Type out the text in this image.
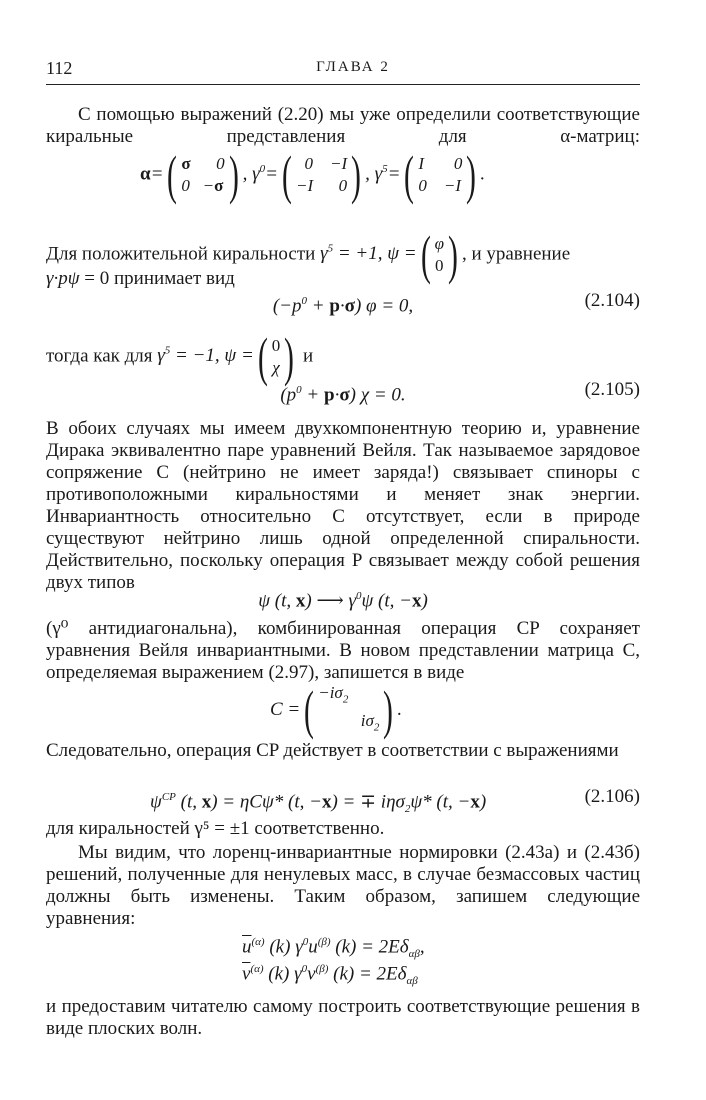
112	ГЛАВА 2

С помощью выражений (2.20) мы уже определили соответствующие киральные представления для α-матриц:

α=( σ      0
0   −σ ) , $\gamma^0=$( 0    −I
−I      0 ) , $\gamma^5=$( I       0
0    −I ) .
Для положительной киральности $\gamma^5 = +1$, ψ =( φ
0 ) , и уравнение
γ·pψ = 0 принимает вид
$(-p^0 + p\cdot\sigma) \varphi = 0$,	(2.104)
тогда как для $\gamma^5 = -1$, ψ =( 0
χ ) и
$(p^0 + p\cdot\sigma) \chi = 0$.	(2.105)

В обоих случаях мы имеем двухкомпонентную теорию и, уравнение Дирака эквивалентно паре уравнений Вейля. Так называемое зарядовое сопряжение C (нейтрино не имеет заряда!) связывает спиноры с противоположными киральностями и меняет знак энергии. Инвариантность относительно C отсутствует, если в природе существуют нейтрино лишь одной определенной спиральности. Действительно, поскольку операция P связывает между собой решения двух типов

ψ (t, x) ⟶ $\gamma^0\psi$ (t, −x)

(γ⁰ антидиагональна), комбинированная операция CP сохраняет уравнения Вейля инвариантными. В новом представлении матрица C, определяемая выражением (2.97), запишется в виде

C =( $-i\sigma_2$
$i\sigma_2$ ) .

Следовательно, операция CP действует в соответствии с выражениями

$\psi^{CP}$ (t, x) = ηCψ* (t, −x) = ∓ iησ$_2$ψ* (t, −x)	(2.106)

для киральностей γ⁵ = ±1 соответственно.

Мы видим, что лоренц-инвариантные нормировки (2.43а) и (2.43б) решений, полученные для ненулевых масс, в случае безмассовых частиц должны быть изменены. Таким образом, запишем следующие уравнения:

$\overline{u}^{(\alpha)}$ (k) $\gamma^0u^{(\beta)}$ $(k) = 2E\delta_{\alpha\beta}$,
$\overline{v}^{(\alpha)}$ (k) $\gamma^0v^{(\beta)}$ $(k) = 2E\delta_{\alpha\beta}$

и предоставим читателю самому построить соответствующие решения в виде плоских волн.
